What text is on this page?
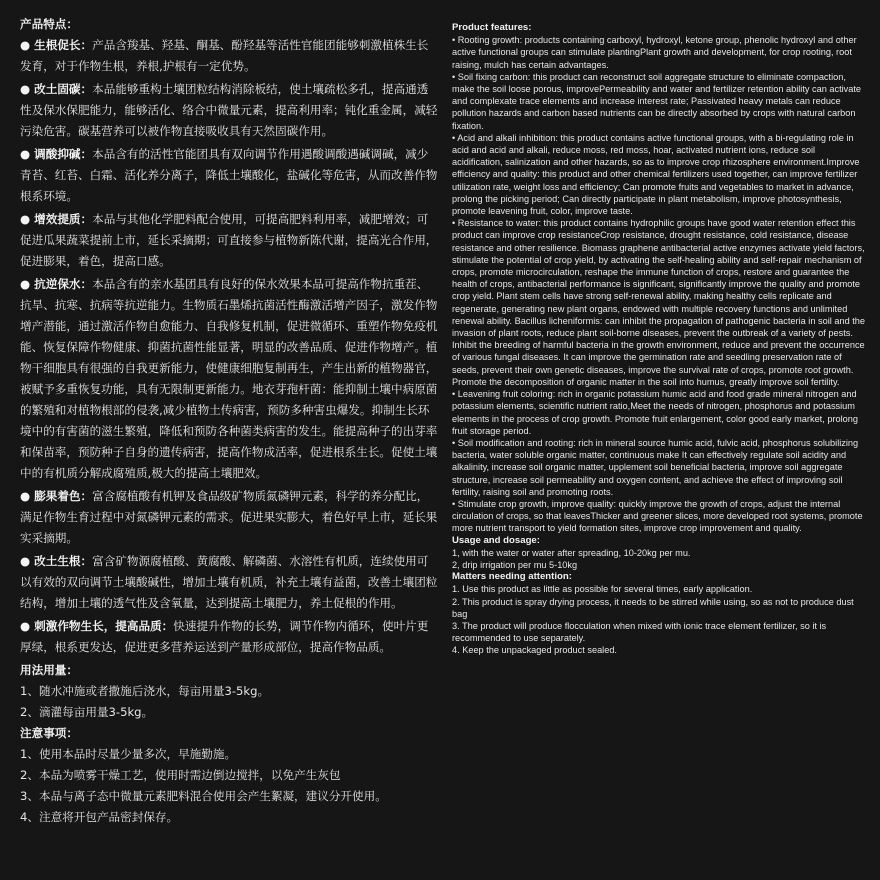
产品特点：

● 生根促长：产品含羧基、羟基、酮基、酚羟基等活性官能团能够刺激植株生长发育，对于作物生根，养根,护根有一定优势。

● 改土固碳：本品能够重构土壤团粒结构消除板结，使土壤疏松多孔，提高通透性及保水保肥能力，能够活化、络合中微量元素，提高利用率；钝化重金属，减轻污染危害。碳基营养可以被作物直接吸收具有天然固碳作用。

● 调酸抑碱：本品含有的活性官能团具有双向调节作用遇酸调酸遇碱调碱，减少青苔、红苔、白霜、活化养分离子，降低土壤酸化，盐碱化等危害，从而改善作物根系环境。

● 增效提质：本品与其他化学肥料配合使用，可提高肥料利用率，减肥增效；可促进瓜果蔬菜提前上市，延长采摘期；可直接参与植物新陈代谢，提高光合作用，促进膨果，着色，提高口感。

● 抗逆保水：本品含有的亲水基团具有良好的保水效果本品可提高作物抗重茬、抗旱、抗寒、抗病等抗逆能力。生物质石墨烯抗菌活性酶激活增产因子，激发作物增产潜能，通过激活作物自愈能力、自我修复机制，促进微循环、重塑作物免疫机能、恢复保障作物健康、抑菌抗菌性能显著，明显的改善品质、促进作物增产。植物干细胞具有很强的自我更新能力，使健康细胞复制再生，产生出新的植物器官，被赋予多重恢复功能，具有无限制更新能力。地衣芽孢杆菌：能抑制土壤中病原菌的繁殖和对植物根部的侵袭,减少植物土传病害，预防多种害虫爆发。抑制生长环境中的有害菌的滋生繁殖，降低和预防各种菌类病害的发生。能提高种子的出芽率和保苗率，预防种子自身的遗传病害，提高作物成活率，促进根系生长。促使土壤中的有机质分解成腐殖质,极大的提高土壤肥效。

● 膨果着色：富含腐植酸有机钾及食品级矿物质氮磷钾元素，科学的养分配比，满足作物生育过程中对氮磷钾元素的需求。促进果实膨大，着色好早上市，延长果实采摘期。

● 改土生根：富含矿物源腐植酸、黄腐酸、解磷菌、水溶性有机质，连续使用可以有效的双向调节土壤酸碱性，增加土壤有机质，补充土壤有益菌，改善土壤团粒结构，增加土壤的透气性及含氧量，达到提高土壤肥力，养土促根的作用。

● 刺激作物生长，提高品质：快速提升作物的长势，调节作物内循环，使叶片更厚绿，根系更发达，促进更多营养运送到产量形成部位，提高作物品质。

用法用量：

1、随水冲施或者撒施后浇水，每亩用量3-5kg。

2、滴灌每亩用量3-5kg。

注意事项：

1、使用本品时尽量少量多次，早施勤施。

2、本品为喷雾干燥工艺，使用时需边倒边搅拌，以免产生灰包

3、本品与离子态中微量元素肥料混合使用会产生絮凝，建议分开使用。

4、注意将开包产品密封保存。

Product features:

• Rooting growth: products containing carboxyl, hydroxyl, ketone group, phenolic hydroxyl and other active functional groups can stimulate plantingPlant growth and development, for crop rooting, root raising, mulch has certain advantages.

• Soil fixing carbon: this product can reconstruct soil aggregate structure to eliminate compaction, make the soil loose porous, improvePermeability and water and fertilizer retention ability can activate and complexate trace elements and increase interest rate; Passivated heavy metals can reduce pollution hazards and carbon based nutrients can be directly absorbed by crops with natural carbon fixation.

• Acid and alkali inhibition: this product contains active functional groups, with a bi-regulating role in acid and acid and alkali, reduce moss, red moss, hoar, activated nutrient ions, reduce soil acidification, salinization and other hazards, so as to improve crop rhizosphere environment.Improve efficiency and quality: this product and other chemical fertilizers used together, can improve fertilizer utilization rate, weight loss and efficiency; Can promote fruits and vegetables to market in advance, prolong the picking period; Can directly participate in plant metabolism, improve photosynthesis, promote leavening fruit, color, improve taste.

• Resistance to water: this product contains hydrophilic groups have good water retention effect this product can improve crop resistanceCrop resistance, drought resistance, cold resistance, disease resistance and other resilience. Biomass graphene antibacterial active enzymes activate yield factors, stimulate the potential of crop yield, by activating the self-healing ability and self-repair mechanism of crops, promote microcirculation, reshape the immune function of crops, restore and guarantee the health of crops, antibacterial performance is significant, significantly improve the quality and promote crop yield. Plant stem cells have strong self-renewal ability, making healthy cells replicate and regenerate, generating new plant organs, endowed with multiple recovery functions and unlimited renewal ability. Bacillus licheniformis: can inhibit the propagation of pathogenic bacteria in soil and the invasion of plant roots, reduce plant soil-borne diseases, prevent the outbreak of a variety of pests. Inhibit the breeding of harmful bacteria in the growth environment, reduce and prevent the occurrence of various fungal diseases. It can improve the germination rate and seedling preservation rate of seeds, prevent their own genetic diseases, improve the survival rate of crops, promote root growth. Promote the decomposition of organic matter in the soil into humus, greatly improve soil fertility.

• Leavening fruit coloring: rich in organic potassium humic acid and food grade mineral nitrogen and potassium elements, scientific nutrient ratio,Meet the needs of nitrogen, phosphorus and potassium elements in the process of crop growth. Promote fruit enlargement, color good early market, prolong fruit storage period.

• Soil modification and rooting: rich in mineral source humic acid, fulvic acid, phosphorus solubilizing bacteria, water soluble organic matter, continuous make It can effectively regulate soil acidity and alkalinity, increase soil organic matter, upplement soil beneficial bacteria, improve soil aggregate structure, increase soil permeability and oxygen content, and achieve the effect of improving soil fertility, raising soil and promoting roots.

• Stimulate crop growth, improve quality: quickly improve the growth of crops, adjust the internal circulation of crops, so that leavesThicker and greener slices, more developed root systems, promote more nutrient transport to yield formation sites, improve crop improvement and quality.

Usage and dosage:

1, with the water or water after spreading, 10-20kg per mu.

2, drip irrigation per mu 5-10kg

Matters needing attention:

1. Use this product as little as possible for several times, early application.

2. This product is spray drying process, it needs to be stirred while using, so as not to produce dust bag

3. The product will produce flocculation when mixed with ionic trace element fertilizer, so it is recommended to use separately.

4. Keep the unpackaged product sealed.
